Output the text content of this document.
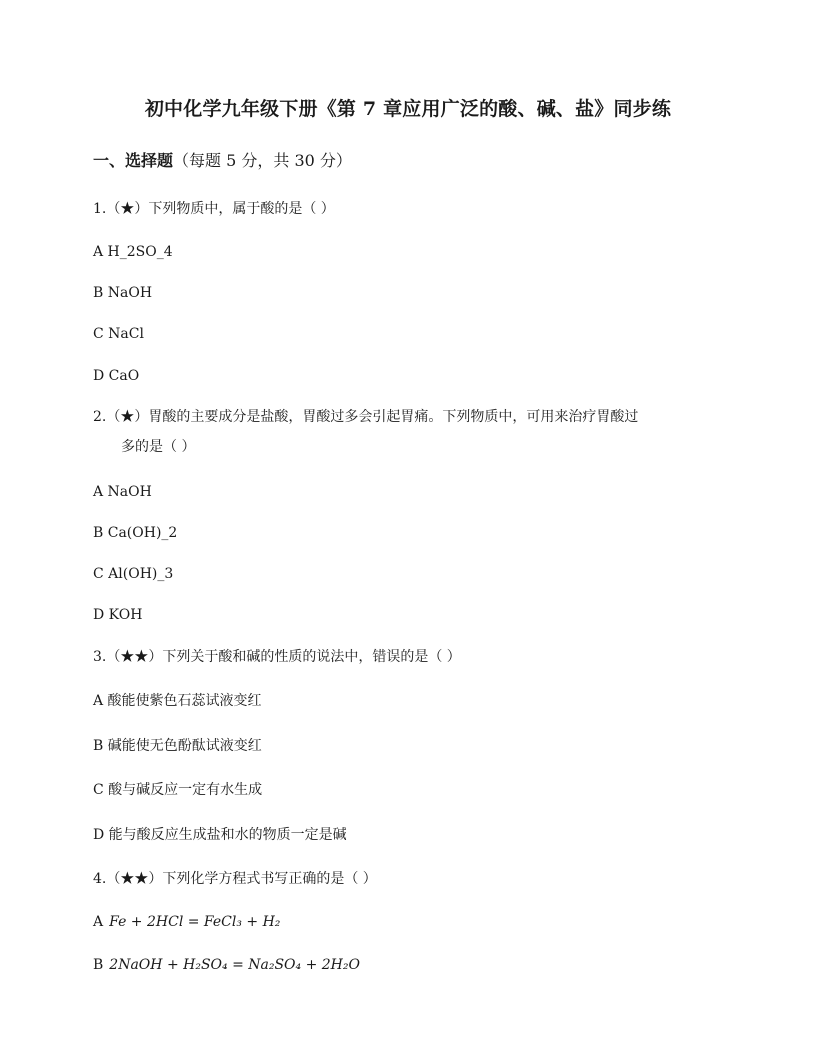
初中化学九年级下册《第 7 章应用广泛的酸、碱、盐》同步练
一、选择题（每题 5 分，共 30 分）
1.（★）下列物质中，属于酸的是（ ）
A H_2SO_4
B NaOH
C NaCl
D CaO
2.（★）胃酸的主要成分是盐酸，胃酸过多会引起胃痛。下列物质中，可用来治疗胃酸过
多的是（ ）
A NaOH
B Ca(OH)_2
C Al(OH)_3
D KOH
3.（★★）下列关于酸和碱的性质的说法中，错误的是（ ）
A 酸能使紫色石蕊试液变红
B 碱能使无色酚酞试液变红
C 酸与碱反应一定有水生成
D 能与酸反应生成盐和水的物质一定是碱
4.（★★）下列化学方程式书写正确的是（ ）
A Fe + 2HCl = FeCl₃ + H₂
B 2NaOH + H₂SO₄ = Na₂SO₄ + 2H₂O
